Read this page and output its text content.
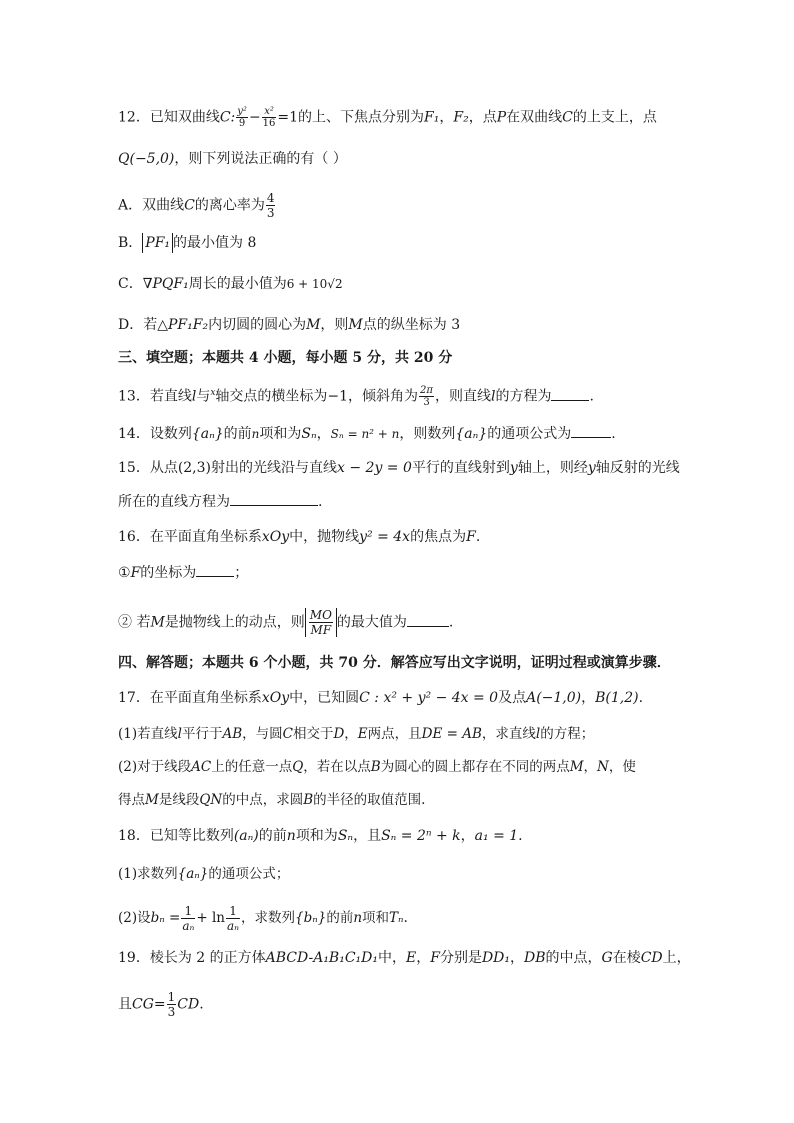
12．已知双曲线C: $\frac{\text{y²}}{9} - \frac{\text{x²}}{16} =1$的上、下焦点分别为F₁，F₂，点P在双曲线C的上支上，点
Q(−5,0)，则下列说法正确的有（ ）
A．双曲线C的离心率为 $\frac{4}{3}$
B． PF₁ 的最小值为 8
C．∇PQF₁周长的最小值为6 + 10√2
D．若△PF₁F₂内切圆的圆心为M，则M点的纵坐标为 3
三、填空题；本题共 4 小题，每小题 5 分，共 20 分
13．若直线l与$^x$轴交点的横坐标为−1，倾斜角为 $\frac{2\pi}{3}$ ，则直线l的方程为	.
14．设数列{aₙ}的前n项和为Sₙ，Sₙ = n² + n，则数列{aₙ}的通项公式为	.
15．从点(2,3)射出的光线沿与直线x − 2y = 0平行的直线射到y轴上，则经y轴反射的光线
所在的直线方程为	.
16．在平面直角坐标系xOy中，抛物线y² = 4x的焦点为F.
①F的坐标为	；
② 若M是抛物线上的动点，则 $\frac{MO}{MF}$ 的最大值为	.
四、解答题；本题共 6 个小题，共 70 分．解答应写出文字说明，证明过程或演算步骤．
17．在平面直角坐标系xOy中，已知圆C : x² + y² − 4x = 0及点A(−1,0)，B(1,2).
(1)若直线l平行于AB，与圆C相交于D，E两点，且DE = AB，求直线l的方程；
(2)对于线段AC上的任意一点Q，若在以点B为圆心的圆上都存在不同的两点M，N，使
得点M是线段QN的中点，求圆B的半径的取值范围.
18．已知等比数列(aₙ)的前n项和为Sₙ，且Sₙ = 2ⁿ + k，a₁ = 1.
(1)求数列{aₙ}的通项公式；
(2)设$b_n = \frac{1}{\text{aₙ}} + \ln \frac{1}{\text{aₙ}}$ ，求数列{bₙ}的前n项和Tₙ.
19．棱长为 2 的正方体ABCD-A₁B₁C₁D₁中，E，F分别是DD₁，DB的中点，G在棱CD上，
且$CG= \frac{1}{3}$ CD.
